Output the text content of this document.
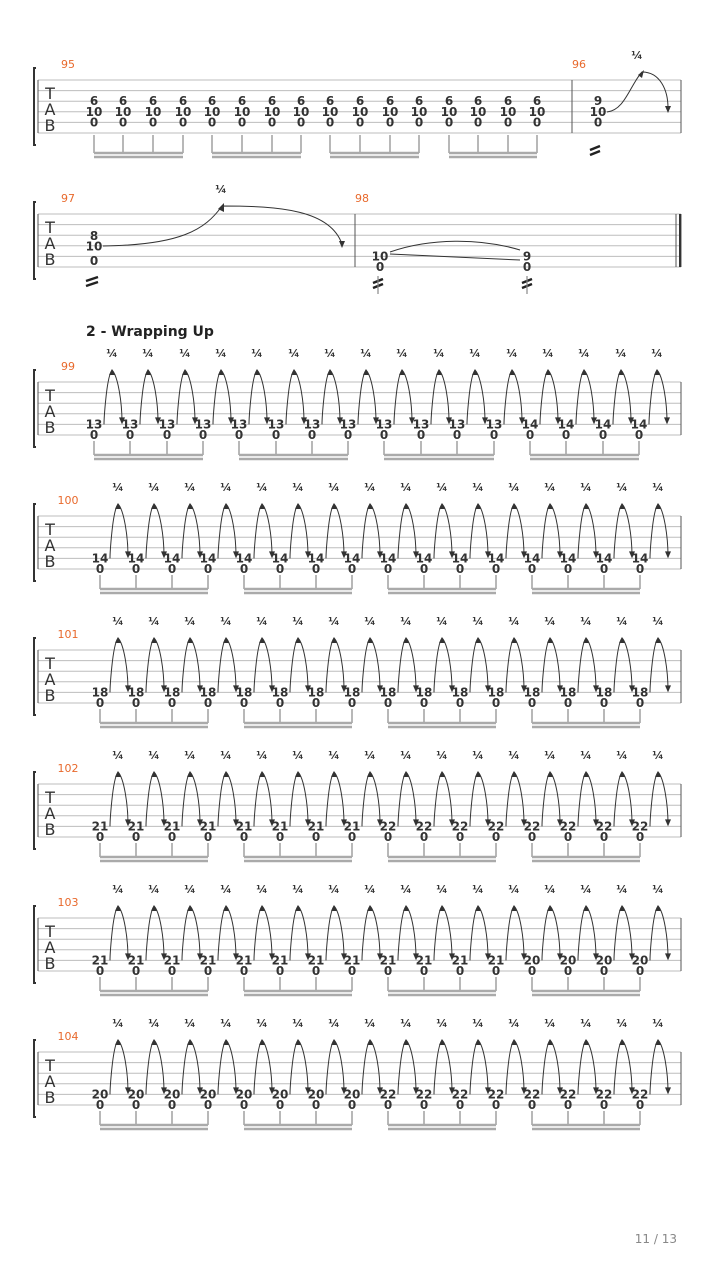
T
A
B
95
6
10
0
6
10
0
6
10
0
6
10
0
6
10
0
6
10
0
6
10
0
6
10
0
6
10
0
6
10
0
6
10
0
6
10
0
6
10
0
6
10
0
6
10
0
6
10
0
96
9
10
0
¼
T
A
B
97
8
10
0
¼
98
10
0
9
0
T
A
B
99
13
0
¼
13
0
¼
13
0
¼
13
0
¼
13
0
¼
13
0
¼
13
0
¼
13
0
¼
13
0
¼
13
0
¼
13
0
¼
13
0
¼
14
0
¼
14
0
¼
14
0
¼
14
0
¼
T
A
B
100
14
0
¼
14
0
¼
14
0
¼
14
0
¼
14
0
¼
14
0
¼
14
0
¼
14
0
¼
14
0
¼
14
0
¼
14
0
¼
14
0
¼
14
0
¼
14
0
¼
14
0
¼
14
0
¼
T
A
B
101
18
0
¼
18
0
¼
18
0
¼
18
0
¼
18
0
¼
18
0
¼
18
0
¼
18
0
¼
18
0
¼
18
0
¼
18
0
¼
18
0
¼
18
0
¼
18
0
¼
18
0
¼
18
0
¼
T
A
B
102
21
0
¼
21
0
¼
21
0
¼
21
0
¼
21
0
¼
21
0
¼
21
0
¼
21
0
¼
22
0
¼
22
0
¼
22
0
¼
22
0
¼
22
0
¼
22
0
¼
22
0
¼
22
0
¼
T
A
B
103
21
0
¼
21
0
¼
21
0
¼
21
0
¼
21
0
¼
21
0
¼
21
0
¼
21
0
¼
21
0
¼
21
0
¼
21
0
¼
21
0
¼
20
0
¼
20
0
¼
20
0
¼
20
0
¼
T
A
B
104
20
0
¼
20
0
¼
20
0
¼
20
0
¼
20
0
¼
20
0
¼
20
0
¼
20
0
¼
22
0
¼
22
0
¼
22
0
¼
22
0
¼
22
0
¼
22
0
¼
22
0
¼
22
0
¼
2 - Wrapping Up
11 / 13
